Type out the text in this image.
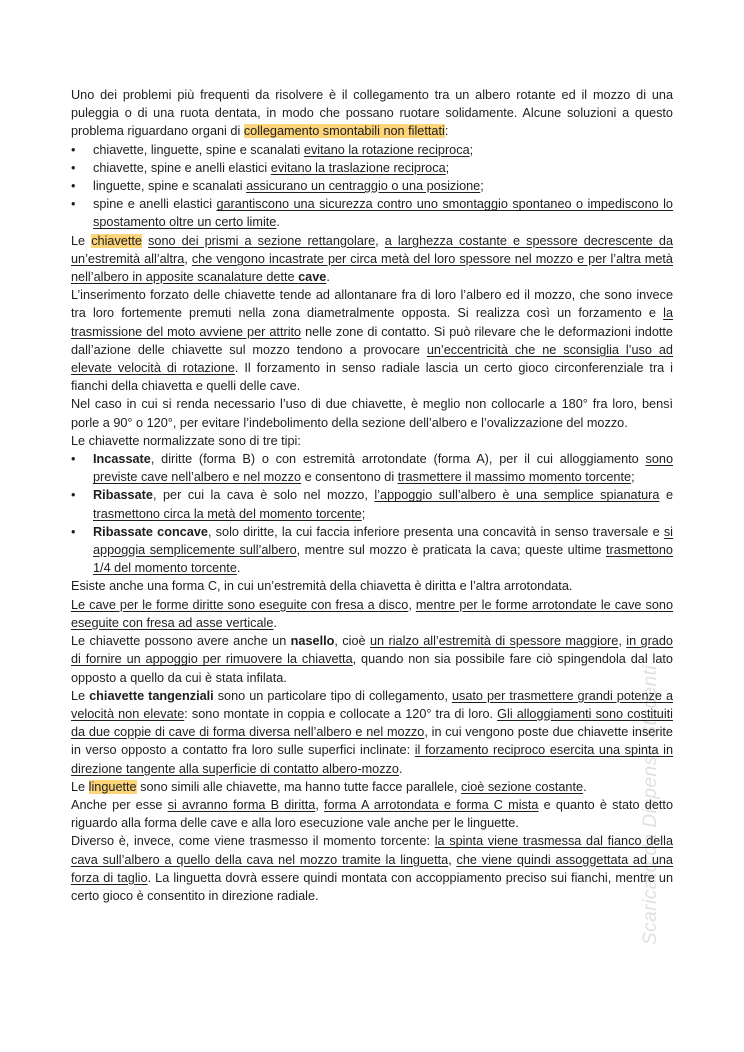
Scaricato da Dispense Studenti

Uno dei problemi più frequenti da risolvere è il collegamento tra un albero rotante ed il mozzo di una puleggia o di una ruota dentata, in modo che possano ruotare solidamente. Alcune soluzioni a questo problema riguardano organi di collegamento smontabili non filettati:

• chiavette, linguette, spine e scanalati evitano la rotazione reciproca;
• chiavette, spine e anelli elastici evitano la traslazione reciproca;
• linguette, spine e scanalati assicurano un centraggio o una posizione;
• spine e anelli elastici garantiscono una sicurezza contro uno smontaggio spontaneo o impediscono lo spostamento oltre un certo limite.

Le chiavette sono dei prismi a sezione rettangolare, a larghezza costante e spessore decrescente da un’estremità all’altra, che vengono incastrate per circa metà del loro spessore nel mozzo e per l’altra metà nell’albero in apposite scanalature dette cave.

L’inserimento forzato delle chiavette tende ad allontanare fra di loro l’albero ed il mozzo, che sono invece tra loro fortemente premuti nella zona diametralmente opposta. Si realizza così un forzamento e la trasmissione del moto avviene per attrito nelle zone di contatto. Si può rilevare che le deformazioni indotte dall’azione delle chiavette sul mozzo tendono a provocare un’eccentricità che ne sconsiglia l’uso ad elevate velocità di rotazione. Il forzamento in senso radiale lascia un certo gioco circonferenziale tra i fianchi della chiavetta e quelli delle cave.

Nel caso in cui si renda necessario l’uso di due chiavette, è meglio non collocarle a 180° fra loro, bensì porle a 90° o 120°, per evitare l’indebolimento della sezione dell’albero e l’ovalizzazione del mozzo.

Le chiavette normalizzate sono di tre tipi:

• Incassate, diritte (forma B) o con estremità arrotondate (forma A), per il cui alloggiamento sono previste cave nell’albero e nel mozzo e consentono di trasmettere il massimo momento torcente;
• Ribassate, per cui la cava è solo nel mozzo, l’appoggio sull’albero è una semplice spianatura e trasmettono circa la metà del momento torcente;
• Ribassate concave, solo diritte, la cui faccia inferiore presenta una concavità in senso traversale e si appoggia semplicemente sull’albero, mentre sul mozzo è praticata la cava; queste ultime trasmettono 1/4 del momento torcente.

Esiste anche una forma C, in cui un’estremità della chiavetta è diritta e l’altra arrotondata.

Le cave per le forme diritte sono eseguite con fresa a disco, mentre per le forme arrotondate le cave sono eseguite con fresa ad asse verticale.

Le chiavette possono avere anche un nasello, cioè un rialzo all’estremità di spessore maggiore, in grado di fornire un appoggio per rimuovere la chiavetta, quando non sia possibile fare ciò spingendola dal lato opposto a quello da cui è stata infilata.

Le chiavette tangenziali sono un particolare tipo di collegamento, usato per trasmettere grandi potenze a velocità non elevate: sono montate in coppia e collocate a 120° tra di loro. Gli alloggiamenti sono costituiti da due coppie di cave di forma diversa nell’albero e nel mozzo, in cui vengono poste due chiavette inserite in verso opposto a contatto fra loro sulle superfici inclinate: il forzamento reciproco esercita una spinta in direzione tangente alla superficie di contatto albero-mozzo.

Le linguette sono simili alle chiavette, ma hanno tutte facce parallele, cioè sezione costante.

Anche per esse si avranno forma B diritta, forma A arrotondata e forma C mista e quanto è stato detto riguardo alla forma delle cave e alla loro esecuzione vale anche per le linguette.

Diverso è, invece, come viene trasmesso il momento torcente: la spinta viene trasmessa dal fianco della cava sull’albero a quello della cava nel mozzo tramite la linguetta, che viene quindi assoggettata ad una forza di taglio. La linguetta dovrà essere quindi montata con accoppiamento preciso sui fianchi, mentre un certo gioco è consentito in direzione radiale.
